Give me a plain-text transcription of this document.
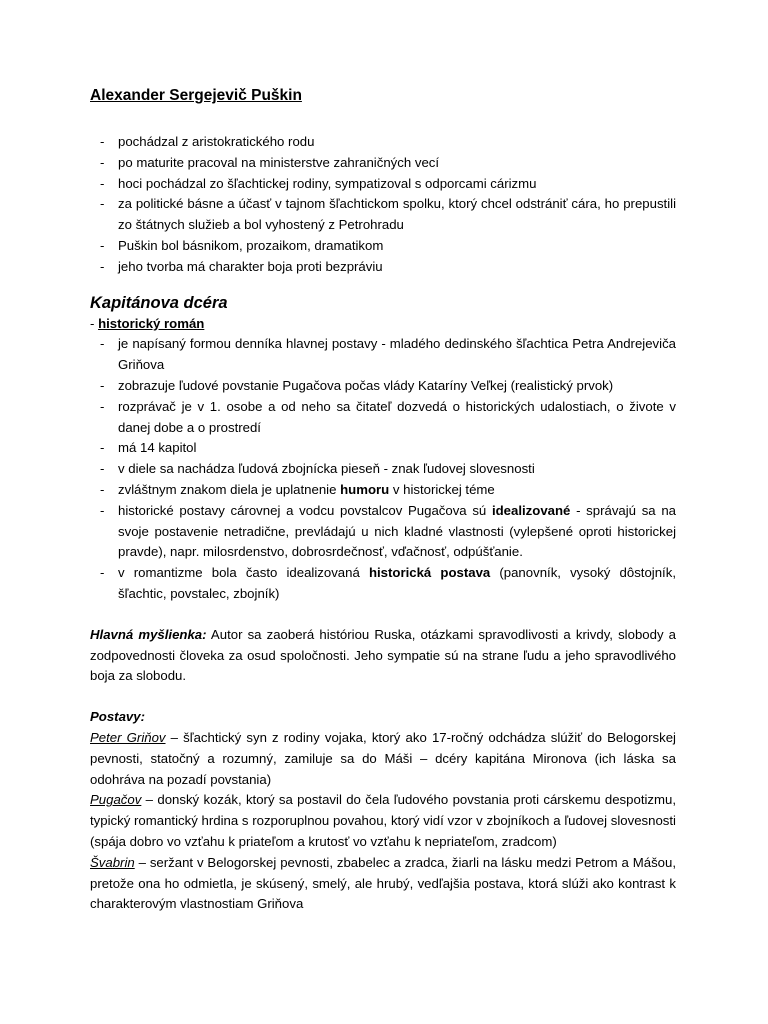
Alexander Sergejevič Puškin
- pochádzal z aristokratického rodu
- po maturite pracoval na ministerstve zahraničných vecí
- hoci pochádzal zo šľachtickej rodiny, sympatizoval s odporcami cárizmu
- za politické básne a účasť v tajnom šľachtickom spolku, ktorý chcel odstrániť cára, ho prepustili zo štátnych služieb a bol vyhostený z Petrohradu
- Puškin bol básnikom, prozaikom, dramatikom
- jeho tvorba má charakter boja proti bezpráviu
Kapitánova dcéra
- historický román
- je napísaný formou denníka hlavnej postavy - mladého dedinského šľachtica Petra Andrejeviča Griňova
- zobrazuje ľudové povstanie Pugačova počas vlády Kataríny Veľkej (realistický prvok)
- rozprávač je v 1. osobe a od neho sa čitateľ dozvedá o historických udalostiach, o živote v danej dobe a o prostredí
- má 14 kapitol
- v diele sa nachádza ľudová zbojnícka pieseň - znak ľudovej slovesnosti
- zvláštnym znakom diela je uplatnenie humoru v historickej téme
- historické postavy cárovnej a vodcu povstalcov Pugačova sú idealizované - správajú sa na svoje postavenie netradične, prevládajú u nich kladné vlastnosti (vylepšené oproti historickej pravde), napr. milosrdenstvo, dobrosrdečnosť, vďačnosť, odpúšťanie.
- v romantizme bola často idealizovaná historická postava (panovník, vysoký dôstojník, šľachtic, povstalec, zbojník)

Hlavná myšlienka: Autor sa zaoberá históriou Ruska, otázkami spravodlivosti a krivdy, slobody a zodpovednosti človeka za osud spoločnosti. Jeho sympatie sú na strane ľudu a jeho spravodlivého boja za slobodu.

Postavy:

Peter Griňov – šľachtický syn z rodiny vojaka, ktorý ako 17-ročný odchádza slúžiť do Belogorskej pevnosti, statočný a rozumný, zamiluje sa do Máši – dcéry kapitána Mironova (ich láska sa odohráva na pozadí povstania)

Pugačov – donský kozák, ktorý sa postavil do čela ľudového povstania proti cárskemu despotizmu, typický romantický hrdina s rozporuplnou povahou, ktorý vidí vzor v zbojníkoch a ľudovej slovesnosti (spája dobro vo vzťahu k priateľom a krutosť vo vzťahu k nepriateľom, zradcom)

Švabrin – seržant v Belogorskej pevnosti, zbabelec a zradca, žiarli na lásku medzi Petrom a Mášou, pretože ona ho odmietla, je skúsený, smelý, ale hrubý, vedľajšia postava, ktorá slúži ako kontrast k charakterovým vlastnostiam Griňova
